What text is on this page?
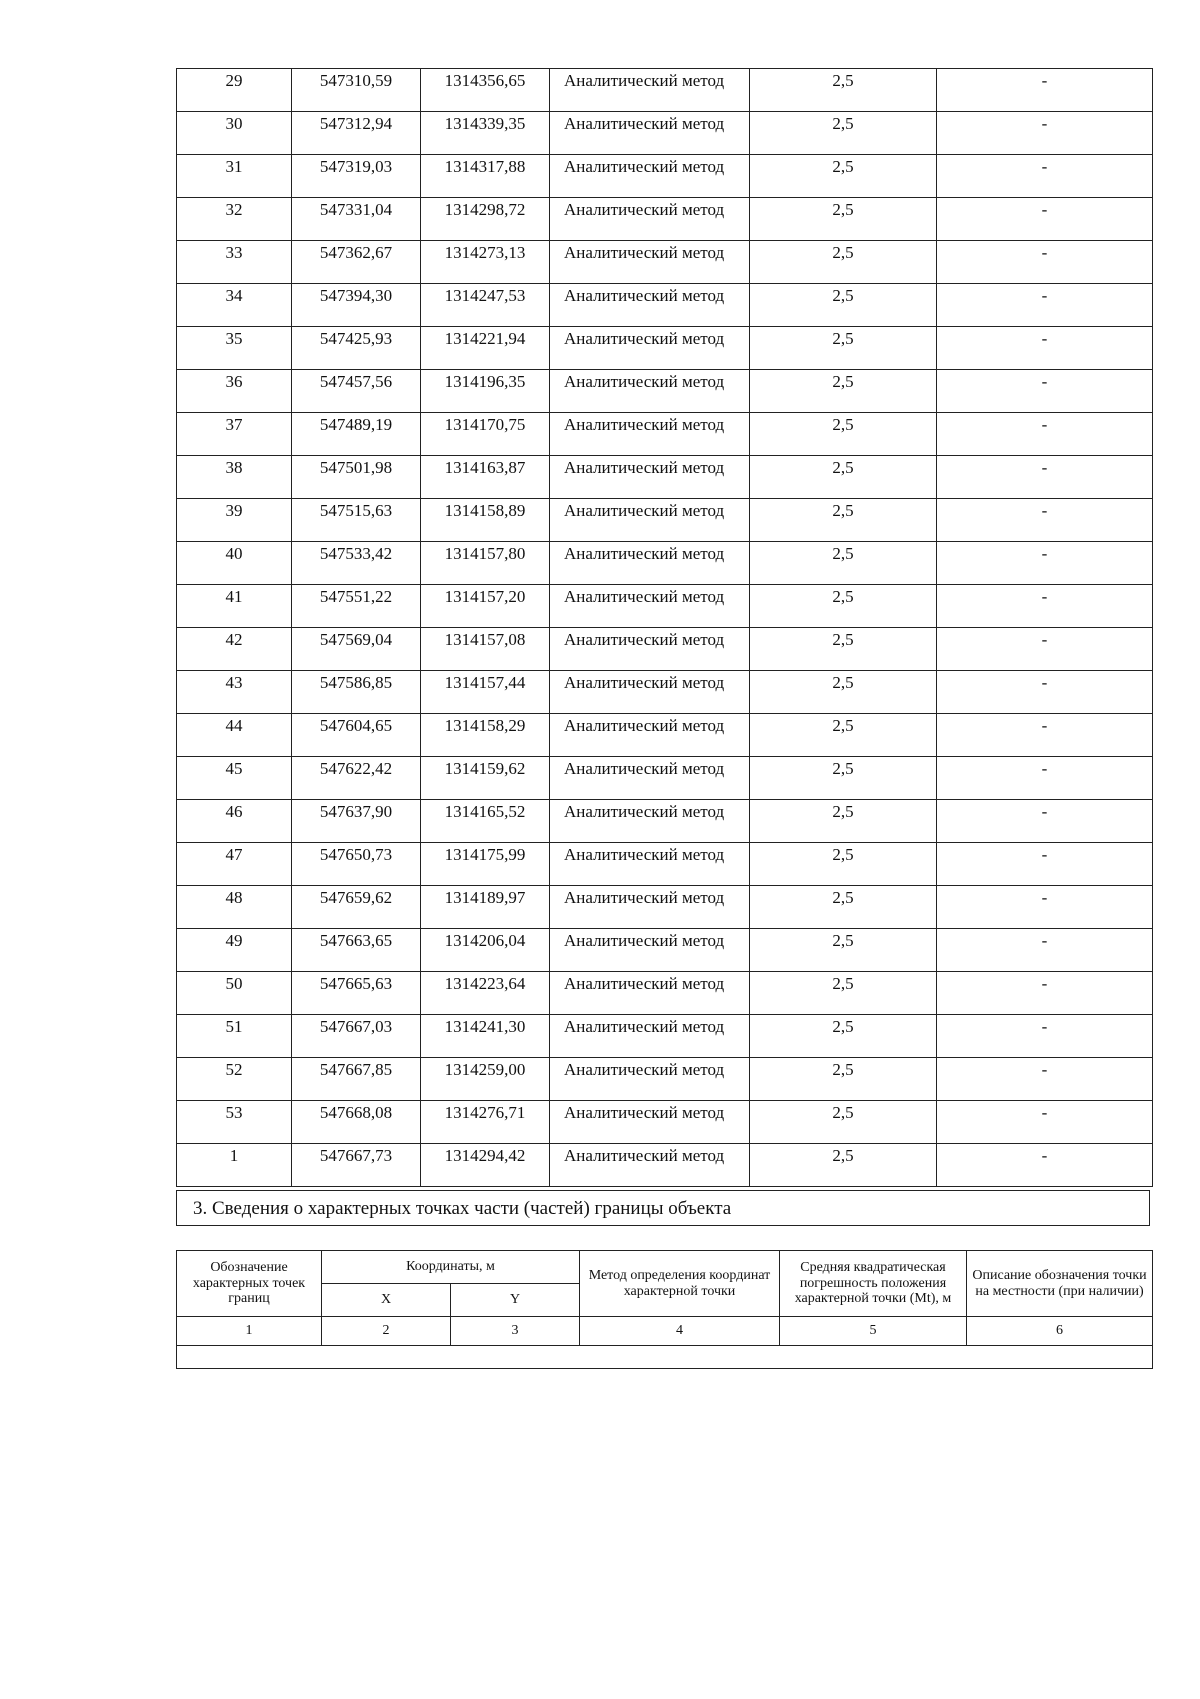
29	547310,59	1314356,65	Аналитический метод	2,5	-

30	547312,94	1314339,35	Аналитический метод	2,5	-

31	547319,03	1314317,88	Аналитический метод	2,5	-

32	547331,04	1314298,72	Аналитический метод	2,5	-

33	547362,67	1314273,13	Аналитический метод	2,5	-

34	547394,30	1314247,53	Аналитический метод	2,5	-

35	547425,93	1314221,94	Аналитический метод	2,5	-

36	547457,56	1314196,35	Аналитический метод	2,5	-

37	547489,19	1314170,75	Аналитический метод	2,5	-

38	547501,98	1314163,87	Аналитический метод	2,5	-

39	547515,63	1314158,89	Аналитический метод	2,5	-

40	547533,42	1314157,80	Аналитический метод	2,5	-

41	547551,22	1314157,20	Аналитический метод	2,5	-

42	547569,04	1314157,08	Аналитический метод	2,5	-

43	547586,85	1314157,44	Аналитический метод	2,5	-

44	547604,65	1314158,29	Аналитический метод	2,5	-

45	547622,42	1314159,62	Аналитический метод	2,5	-

46	547637,90	1314165,52	Аналитический метод	2,5	-

47	547650,73	1314175,99	Аналитический метод	2,5	-

48	547659,62	1314189,97	Аналитический метод	2,5	-

49	547663,65	1314206,04	Аналитический метод	2,5	-

50	547665,63	1314223,64	Аналитический метод	2,5	-

51	547667,03	1314241,30	Аналитический метод	2,5	-

52	547667,85	1314259,00	Аналитический метод	2,5	-

53	547668,08	1314276,71	Аналитический метод	2,5	-

1	547667,73	1314294,42	Аналитический метод	2,5	-
3. Сведения о характерных точках части (частей) границы объекта
Обозначение характерных точек границ	Координаты, м		Метод определения координат характерной точки	Средняя квадратическая погрешность положения характерной точки (Mt), м	Описание обозначения точки на местности (при наличии)
	X	Y			
1	2	3	4	5	6
